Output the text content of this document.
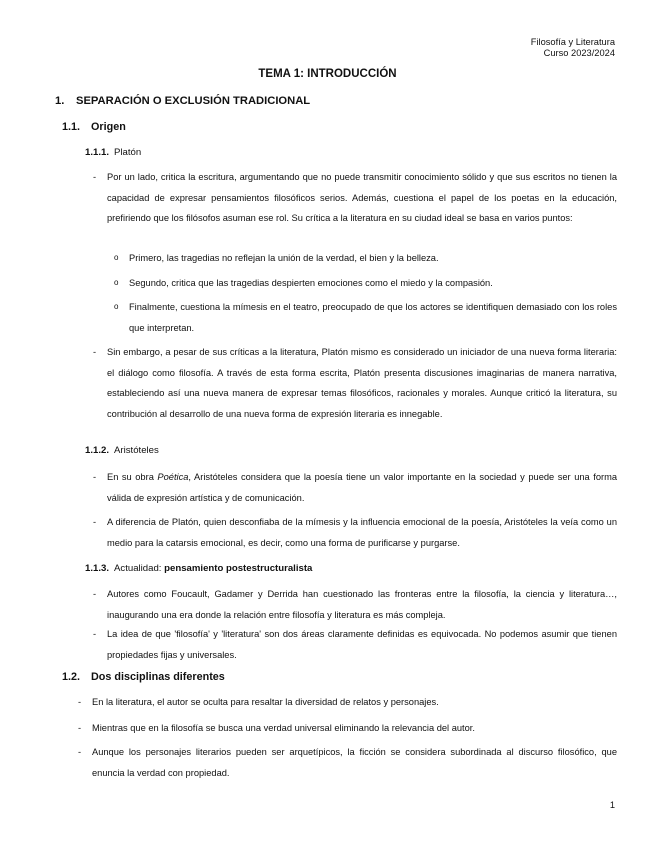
Filosofía y Literatura
Curso 2023/2024
TEMA 1: INTRODUCCIÓN
1. SEPARACIÓN O EXCLUSIÓN TRADICIONAL
1.1. Origen
1.1.1. Platón
- Por un lado, critica la escritura, argumentando que no puede transmitir conocimiento sólido y que sus escritos no tienen la capacidad de expresar pensamientos filosóficos serios. Además, cuestiona el papel de los poetas en la educación, prefiriendo que los filósofos asuman ese rol. Su crítica a la literatura en su ciudad ideal se basa en varios puntos:
o Primero, las tragedias no reflejan la unión de la verdad, el bien y la belleza.
o Segundo, critica que las tragedias despierten emociones como el miedo y la compasión.
o Finalmente, cuestiona la mímesis en el teatro, preocupado de que los actores se identifiquen demasiado con los roles que interpretan.
- Sin embargo, a pesar de sus críticas a la literatura, Platón mismo es considerado un iniciador de una nueva forma literaria: el diálogo como filosofía. A través de esta forma escrita, Platón presenta discusiones imaginarias de manera narrativa, estableciendo así una nueva manera de expresar temas filosóficos, racionales y morales. Aunque criticó la literatura, su contribución al desarrollo de una nueva forma de expresión literaria es innegable.
1.1.2. Aristóteles
- En su obra Poética, Aristóteles considera que la poesía tiene un valor importante en la sociedad y puede ser una forma válida de expresión artística y de comunicación.
- A diferencia de Platón, quien desconfiaba de la mímesis y la influencia emocional de la poesía, Aristóteles la veía como un medio para la catarsis emocional, es decir, como una forma de purificarse y purgarse.
1.1.3. Actualidad: pensamiento postestructuralista
- Autores como Foucault, Gadamer y Derrida han cuestionado las fronteras entre la filosofía, la ciencia y literatura…, inaugurando una era donde la relación entre filosofía y literatura es más compleja.
- La idea de que 'filosofía' y 'literatura' son dos áreas claramente definidas es equivocada. No podemos asumir que tienen propiedades fijas y universales.
1.2. Dos disciplinas diferentes
- En la literatura, el autor se oculta para resaltar la diversidad de relatos y personajes.
- Mientras que en la filosofía se busca una verdad universal eliminando la relevancia del autor.
- Aunque los personajes literarios pueden ser arquetípicos, la ficción se considera subordinada al discurso filosófico, que enuncia la verdad con propiedad.
1
